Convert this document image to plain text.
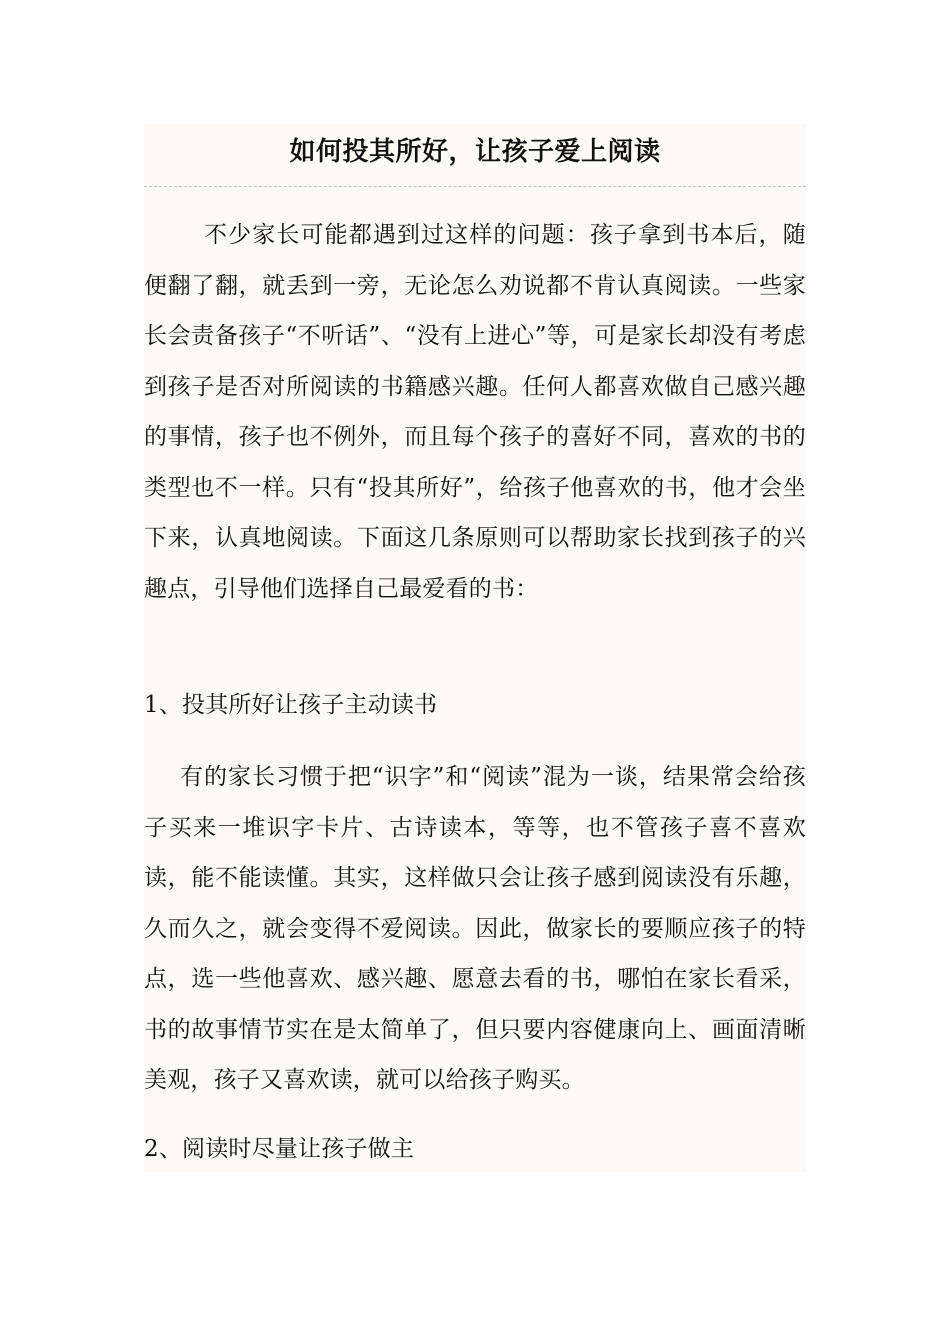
如何投其所好，让孩子爱上阅读

不少家长可能都遇到过这样的问题：孩子拿到书本后，随便翻了翻，就丢到一旁，无论怎么劝说都不肯认真阅读。一些家长会责备孩子“不听话”、“没有上进心”等，可是家长却没有考虑到孩子是否对所阅读的书籍感兴趣。任何人都喜欢做自己感兴趣的事情，孩子也不例外，而且每个孩子的喜好不同，喜欢的书的类型也不一样。只有“投其所好”，给孩子他喜欢的书，他才会坐下来，认真地阅读。下面这几条原则可以帮助家长找到孩子的兴趣点，引导他们选择自己最爱看的书：

1、投其所好让孩子主动读书

有的家长习惯于把“识字”和“阅读”混为一谈，结果常会给孩子买来一堆识字卡片、古诗读本，等等，也不管孩子喜不喜欢读，能不能读懂。其实，这样做只会让孩子感到阅读没有乐趣，久而久之，就会变得不爱阅读。因此，做家长的要顺应孩子的特点，选一些他喜欢、感兴趣、愿意去看的书，哪怕在家长看采，书的故事情节实在是太简单了，但只要内容健康向上、画面清晰美观，孩子又喜欢读，就可以给孩子购买。

2、阅读时尽量让孩子做主
